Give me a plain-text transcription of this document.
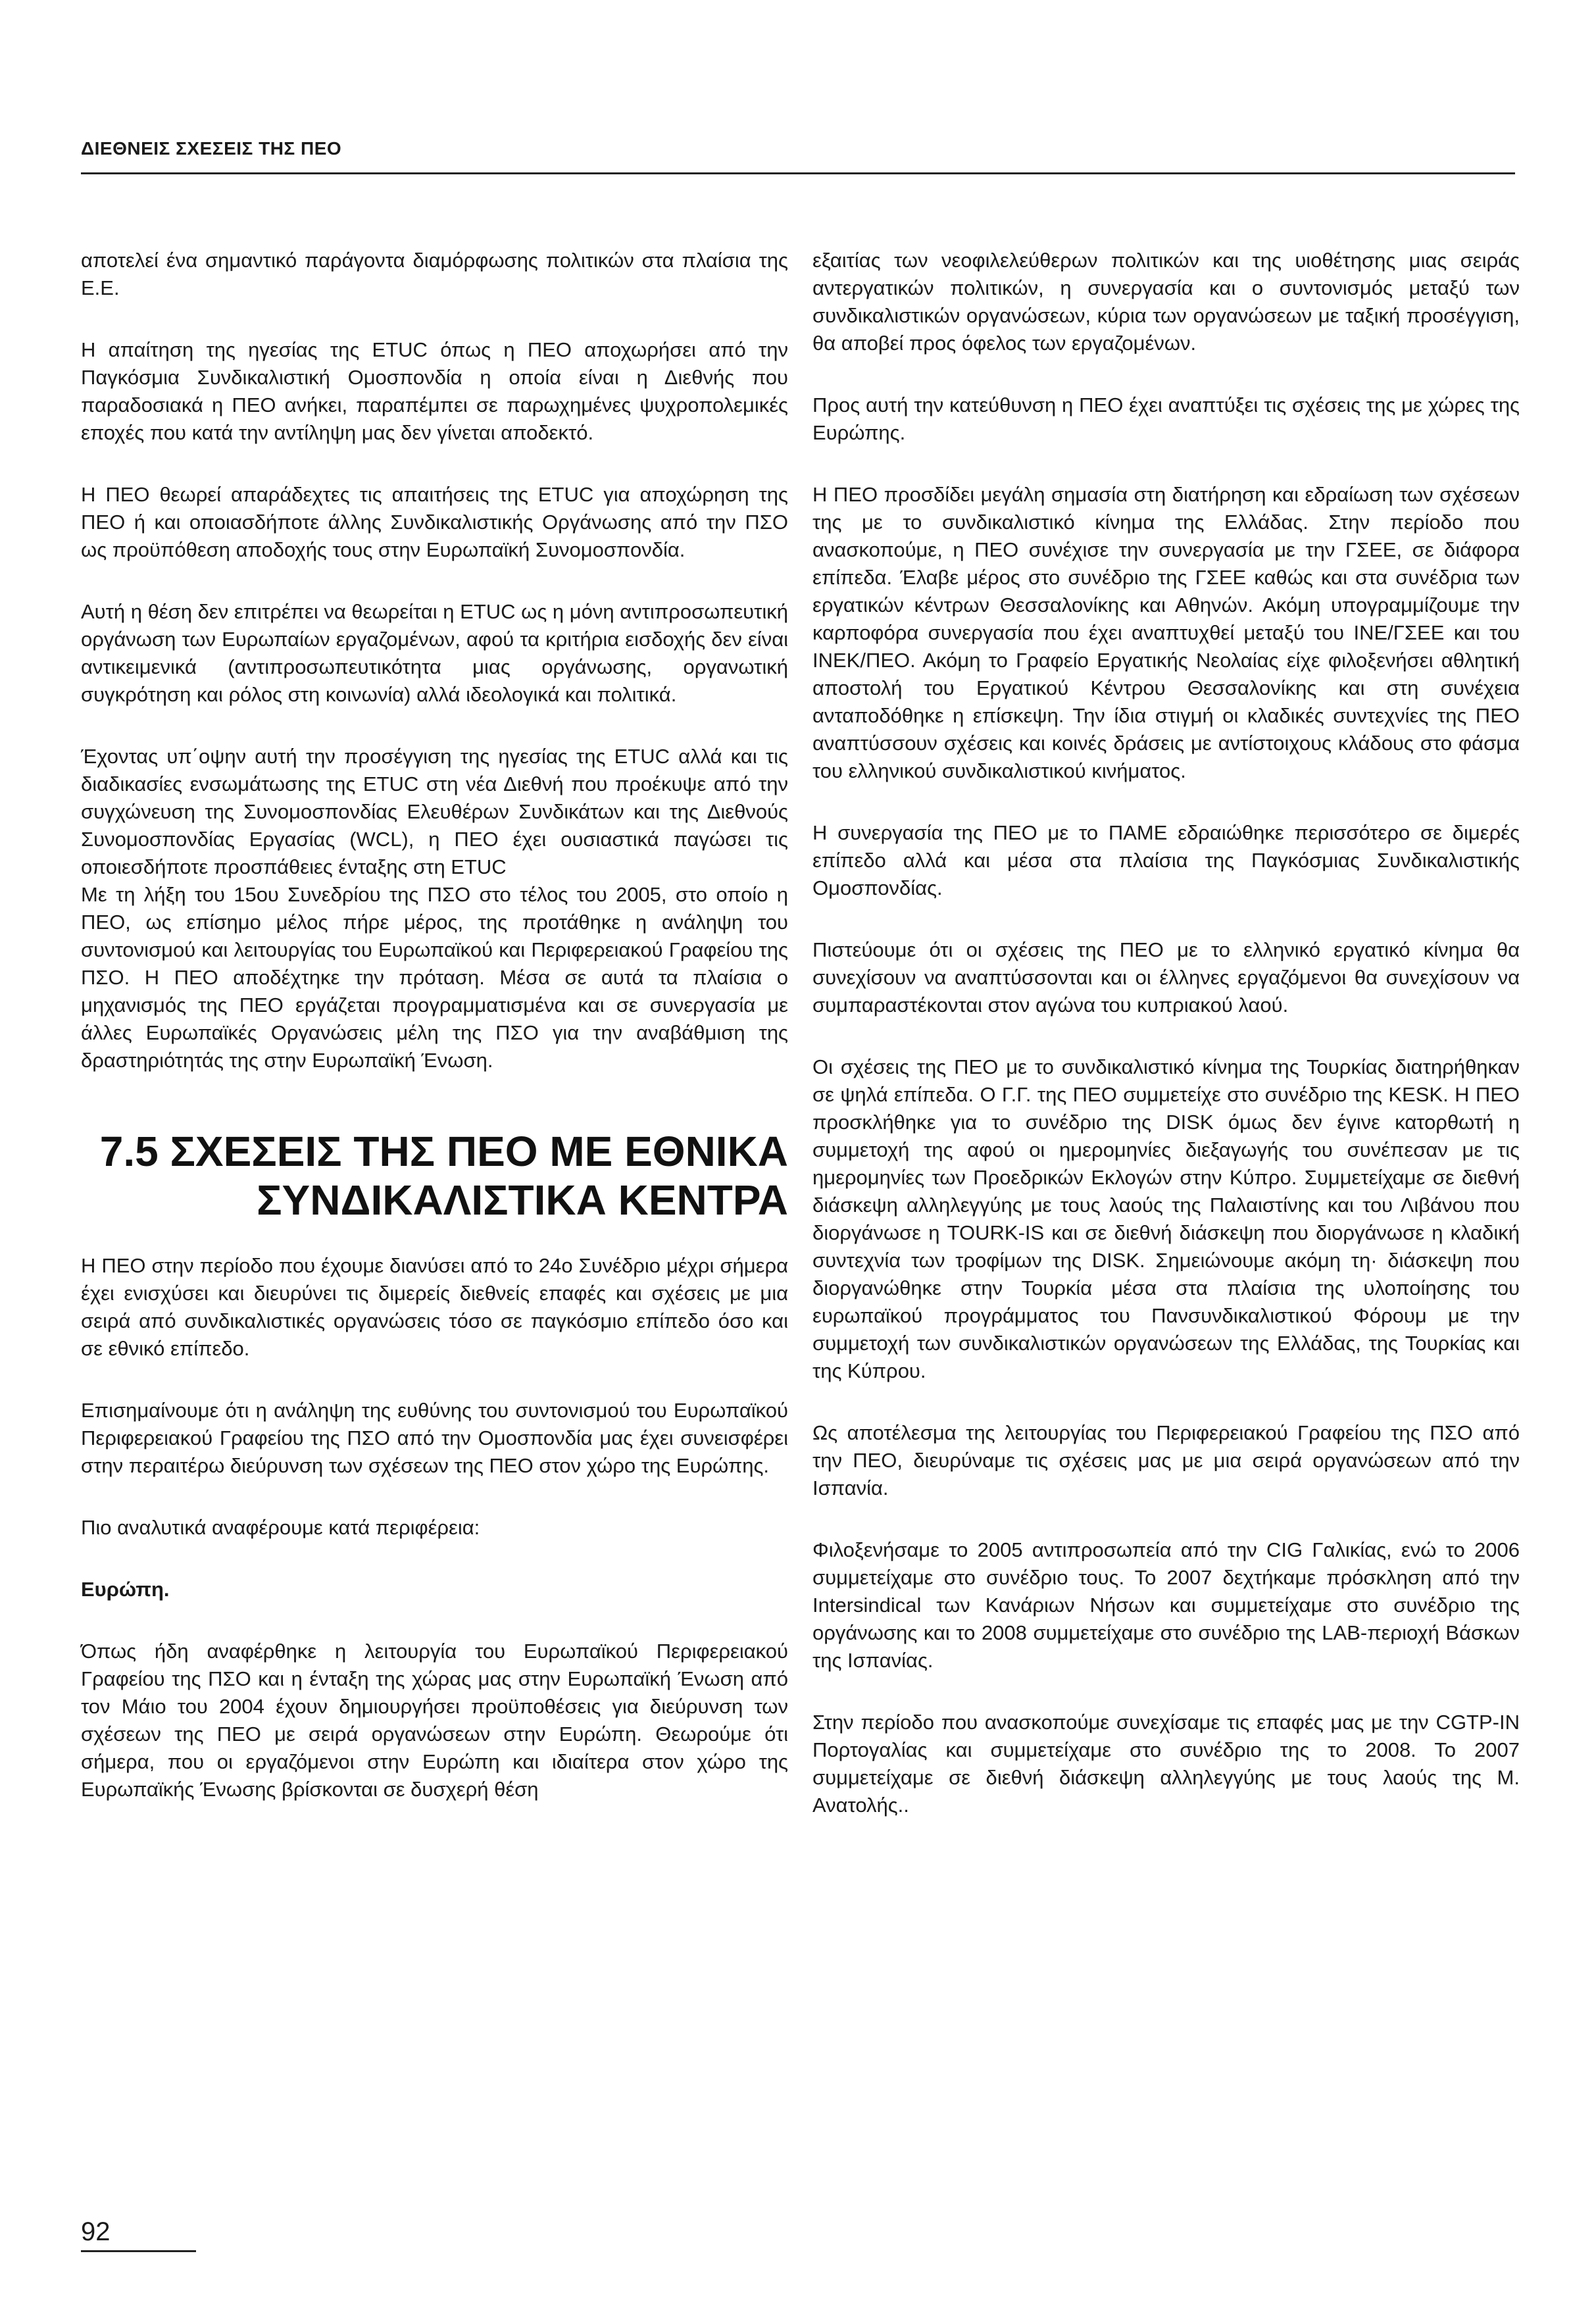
ΔΙΕΘΝΕΙΣ ΣΧΕΣΕΙΣ ΤΗΣ ΠΕΟ

αποτελεί ένα σημαντικό παράγοντα διαμόρφωσης πολιτικών στα πλαίσια της Ε.Ε.

Η απαίτηση της ηγεσίας της ETUC όπως η ΠΕΟ αποχωρήσει από την Παγκόσμια Συνδικαλιστική Ομοσπονδία η οποία είναι η Διεθνής που παραδοσιακά η ΠΕΟ ανήκει, παραπέμπει σε παρωχημένες ψυχροπολεμικές εποχές που κατά την αντίληψη μας δεν γίνεται αποδεκτό.

Η ΠΕΟ θεωρεί απαράδεχτες τις απαιτήσεις της ETUC για αποχώρηση της ΠΕΟ ή και οποιασδήποτε άλλης Συνδικαλιστικής Οργάνωσης από την ΠΣΟ ως προϋπόθεση αποδοχής τους στην Ευρωπαϊκή Συνομοσπονδία.

Αυτή η θέση δεν επιτρέπει να θεωρείται η ETUC ως η μόνη αντιπροσωπευτική οργάνωση των Ευρωπαίων εργαζομένων, αφού τα κριτήρια εισδοχής δεν είναι αντικειμενικά (αντιπροσωπευτικότητα μιας οργάνωσης, οργανωτική συγκρότηση και ρόλος στη κοινωνία) αλλά ιδεολογικά και πολιτικά.

Έχοντας υπ΄οψην αυτή την προσέγγιση της ηγεσίας της ETUC αλλά και τις διαδικασίες ενσωμάτωσης της ETUC στη νέα Διεθνή που προέκυψε από την συγχώνευση της Συνομοσπονδίας Ελευθέρων Συνδικάτων και της Διεθνούς Συνομοσπονδίας Εργασίας (WCL), η ΠΕΟ έχει ουσιαστικά παγώσει τις οποιεσδήποτε προσπάθειες ένταξης στη ETUC

Με τη λήξη του 15ου Συνεδρίου της ΠΣΟ στο τέλος του 2005, στο οποίο η ΠΕΟ, ως επίσημο μέλος πήρε μέρος, της προτάθηκε η ανάληψη του συντονισμού και λειτουργίας του Ευρωπαϊκού και Περιφερειακού Γραφείου της ΠΣΟ. Η ΠΕΟ αποδέχτηκε την πρόταση. Μέσα σε αυτά τα πλαίσια ο μηχανισμός της ΠΕΟ εργάζεται προγραμματισμένα και σε συνεργασία με άλλες Ευρωπαϊκές Οργανώσεις μέλη της ΠΣΟ για την αναβάθμιση της δραστηριότητάς της στην Ευρωπαϊκή Ένωση.

7.5 ΣΧΕΣΕΙΣ ΤΗΣ ΠΕΟ ΜΕ ΕΘΝΙΚΑ
ΣΥΝΔΙΚΑΛΙΣΤΙΚΑ ΚΕΝΤΡΑ

Η ΠΕΟ στην περίοδο που έχουμε διανύσει από το 24ο Συνέδριο μέχρι σήμερα έχει ενισχύσει και διευρύνει τις διμερείς διεθνείς επαφές και σχέσεις με μια σειρά από συνδικαλιστικές οργανώσεις τόσο σε παγκόσμιο επίπεδο όσο και σε εθνικό επίπεδο.

Επισημαίνουμε ότι η ανάληψη της ευθύνης του συντονισμού του Ευρωπαϊκού Περιφερειακού Γραφείου της ΠΣΟ από την Ομοσπονδία μας έχει συνεισφέρει στην περαιτέρω διεύρυνση των σχέσεων της ΠΕΟ στον χώρο της Ευρώπης.

Πιο αναλυτικά αναφέρουμε κατά περιφέρεια:

Ευρώπη.

Όπως ήδη αναφέρθηκε η λειτουργία του Ευρωπαϊκού Περιφερειακού Γραφείου της ΠΣΟ και η ένταξη της χώρας μας στην Ευρωπαϊκή Ένωση από τον Μάιο του 2004 έχουν δημιουργήσει προϋποθέσεις για διεύρυνση των σχέσεων της ΠΕΟ με σειρά οργανώσεων στην Ευρώπη. Θεωρούμε ότι σήμερα, που οι εργαζόμενοι στην Ευρώπη και ιδιαίτερα στον χώρο της Ευρωπαϊκής Ένωσης βρίσκονται σε δυσχερή θέση

εξαιτίας των νεοφιλελεύθερων πολιτικών και της υιοθέτησης μιας σειράς αντεργατικών πολιτικών, η συνεργασία και ο συντονισμός μεταξύ των συνδικαλιστικών οργανώσεων, κύρια των οργανώσεων με ταξική προσέγγιση, θα αποβεί προς όφελος των εργαζομένων.

Προς αυτή την κατεύθυνση η ΠΕΟ έχει αναπτύξει τις σχέσεις της με χώρες της Ευρώπης.

Η ΠΕΟ προσδίδει μεγάλη σημασία στη διατήρηση και εδραίωση των σχέσεων της με το συνδικαλιστικό κίνημα της Ελλάδας. Στην περίοδο που ανασκοπούμε, η ΠΕΟ συνέχισε την συνεργασία με την ΓΣΕΕ, σε διάφορα επίπεδα. Έλαβε μέρος στο συνέδριο της ΓΣΕΕ καθώς και στα συνέδρια των εργατικών κέντρων Θεσσαλονίκης και Αθηνών. Ακόμη υπογραμμίζουμε την καρποφόρα συνεργασία που έχει αναπτυχθεί μεταξύ του ΙΝΕ/ΓΣΕΕ και του ΙΝΕΚ/ΠΕΟ. Ακόμη το Γραφείο Εργατικής Νεολαίας είχε φιλοξενήσει αθλητική αποστολή του Εργατικού Κέντρου Θεσσαλονίκης και στη συνέχεια ανταποδόθηκε η επίσκεψη. Την ίδια στιγμή οι κλαδικές συντεχνίες της ΠΕΟ αναπτύσσουν σχέσεις και κοινές δράσεις με αντίστοιχους κλάδους στο φάσμα του ελληνικού συνδικαλιστικού κινήματος.

Η συνεργασία της ΠΕΟ με το ΠΑΜΕ εδραιώθηκε περισσότερο σε διμερές επίπεδο αλλά και μέσα στα πλαίσια της Παγκόσμιας Συνδικαλιστικής Ομοσπονδίας.

Πιστεύουμε ότι οι σχέσεις της ΠΕΟ με το ελληνικό εργατικό κίνημα θα συνεχίσουν να αναπτύσσονται και οι έλληνες εργαζόμενοι θα συνεχίσουν να συμπαραστέκονται στον αγώνα του κυπριακού λαού.

Οι σχέσεις της ΠΕΟ με το συνδικαλιστικό κίνημα της Τουρκίας διατηρήθηκαν σε ψηλά επίπεδα. Ο Γ.Γ. της ΠΕΟ συμμετείχε στο συνέδριο της KESK. Η ΠΕΟ προσκλήθηκε για το συνέδριο της DISK όμως δεν έγινε κατορθωτή η συμμετοχή της αφού οι ημερομηνίες διεξαγωγής του συνέπεσαν με τις ημερομηνίες των Προεδρικών Εκλογών στην Κύπρο. Συμμετείχαμε σε διεθνή διάσκεψη αλληλεγγύης με τους λαούς της Παλαιστίνης και του Λιβάνου που διοργάνωσε η TOURK-IS και σε διεθνή διάσκεψη που διοργάνωσε η κλαδική συντεχνία των τροφίμων της DISK. Σημειώνουμε ακόμη τη· διάσκεψη που διοργανώθηκε στην Τουρκία μέσα στα πλαίσια της υλοποίησης του ευρωπαϊκού προγράμματος του Πανσυνδικαλιστικού Φόρουμ με την συμμετοχή των συνδικαλιστικών οργανώσεων της Ελλάδας, της Τουρκίας και της Κύπρου.

Ως αποτέλεσμα της λειτουργίας του Περιφερειακού Γραφείου της ΠΣΟ από την ΠΕΟ, διευρύναμε τις σχέσεις μας με μια σειρά οργανώσεων από την Ισπανία.

Φιλοξενήσαμε το 2005 αντιπροσωπεία από την CIG Γαλικίας, ενώ το 2006 συμμετείχαμε στο συνέδριο τους. Το 2007 δεχτήκαμε πρόσκληση από την Intersindical των Κανάριων Νήσων και συμμετείχαμε στο συνέδριο της οργάνωσης και το 2008 συμμετείχαμε στο συνέδριο της LAB-περιοχή Βάσκων της Ισπανίας.

Στην περίοδο που ανασκοπούμε συνεχίσαμε τις επαφές μας με την CGTP-IN Πορτογαλίας και συμμετείχαμε στο συνέδριο της το 2008. Το 2007 συμμετείχαμε σε διεθνή διάσκεψη αλληλεγγύης με τους λαούς της Μ. Ανατολής..

92
